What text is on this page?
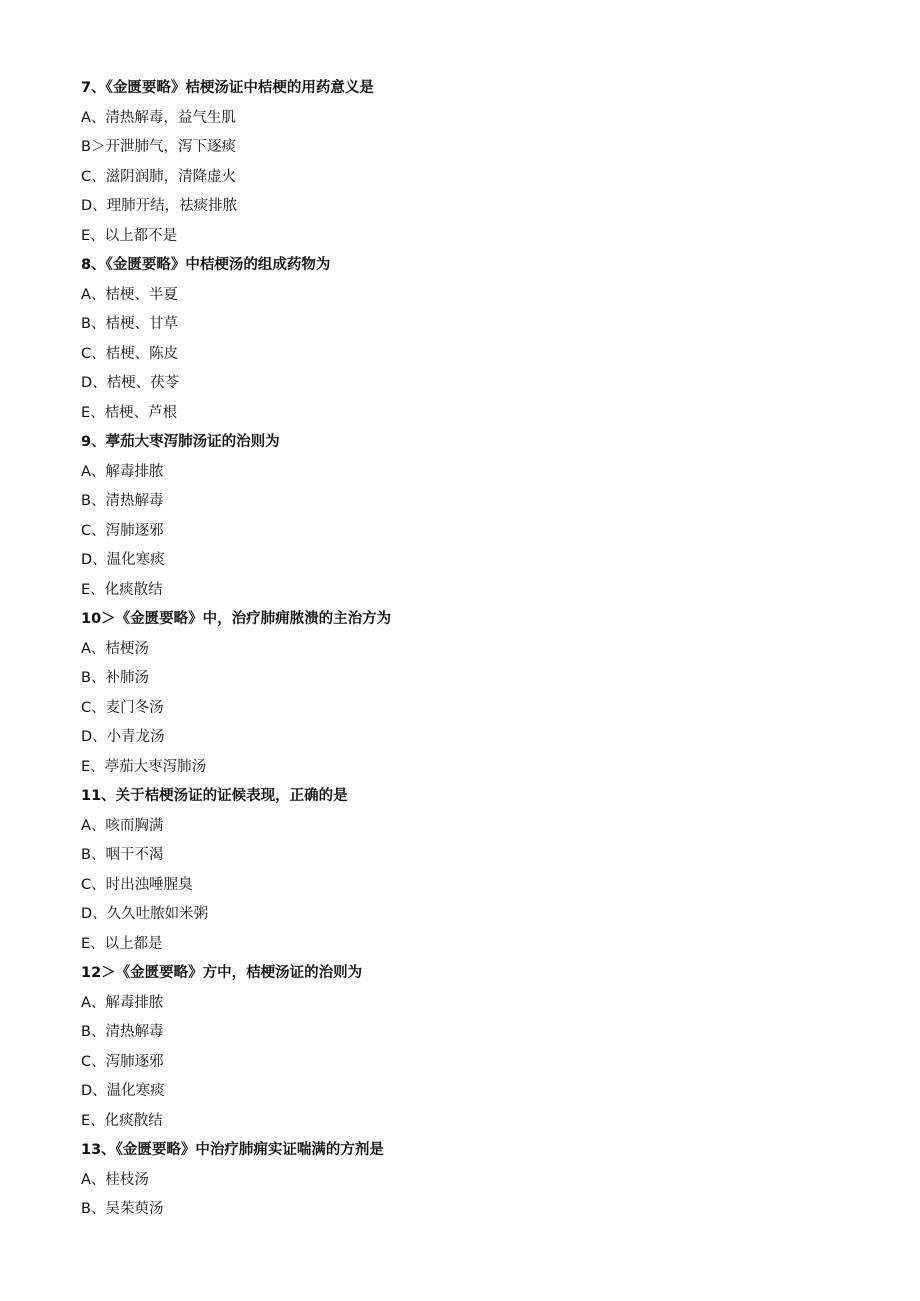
7、《金匮要略》桔梗汤证中桔梗的用药意义是
A、清热解毒，益气生肌
B＞开泄肺气，泻下逐痰
C、滋阴润肺，清降虚火
D、理肺开结，祛痰排脓
E、以上都不是
8、《金匮要略》中桔梗汤的组成药物为
A、桔梗、半夏
B、桔梗、甘草
C、桔梗、陈皮
D、桔梗、茯苓
E、桔梗、芦根
9、葶茄大枣泻肺汤证的治则为
A、解毒排脓
B、清热解毒
C、泻肺逐邪
D、温化寒痰
E、化痰散结
10＞《金匮要略》中，治疗肺痈脓溃的主治方为
A、桔梗汤
B、补肺汤
C、麦门冬汤
D、小青龙汤
E、葶茄大枣泻肺汤
11、关于桔梗汤证的证候表现，正确的是
A、咳而胸满
B、咽干不渴
C、时出浊唾腥臭
D、久久吐脓如米粥
E、以上都是
12＞《金匮要略》方中，桔梗汤证的治则为
A、解毒排脓
B、清热解毒
C、泻肺逐邪
D、温化寒痰
E、化痰散结
13、《金匮要略》中治疗肺痈实证喘满的方剂是
A、桂枝汤
B、吴茱萸汤
